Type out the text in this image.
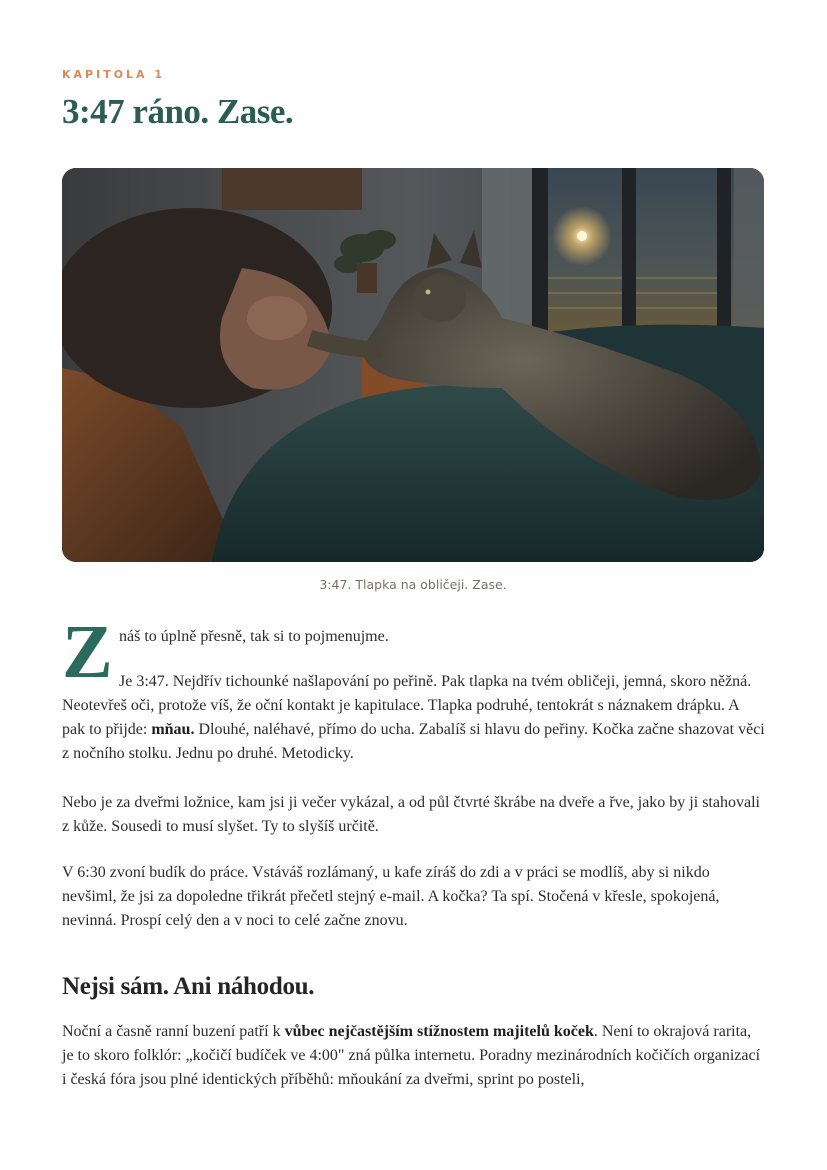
KAPITOLA 1
3:47 ráno. Zase.
3:47. Tlapka na obličeji. Zase.
Z náš to úplně přesně, tak si to pojmenujme.

Je 3:47. Nejdřív tichounké našlapování po peřině. Pak tlapka na tvém obličeji, jemná, skoro něžná. Neotevřeš oči, protože víš, že oční kontakt je kapitulace. Tlapka podruhé, tentokrát s náznakem drápku. A pak to přijde: mňau. Dlouhé, naléhavé, přímo do ucha. Zabalíš si hlavu do peřiny. Kočka začne shazovat věci z nočního stolku. Jednu po druhé. Metodicky.

Nebo je za dveřmi ložnice, kam jsi ji večer vykázal, a od půl čtvrté škrábe na dveře a řve, jako by ji stahovali z kůže. Sousedi to musí slyšet. Ty to slyšíš určitě.

V 6:30 zvoní budík do práce. Vstáváš rozlámaný, u kafe zíráš do zdi a v práci se modlíš, aby si nikdo nevšiml, že jsi za dopoledne třikrát přečetl stejný e-mail. A kočka? Ta spí. Stočená v křesle, spokojená, nevinná. Prospí celý den a v noci to celé začne znovu.

Nejsi sám. Ani náhodou.

Noční a časně ranní buzení patří k vůbec nejčastějším stížnostem majitelů koček. Není to okrajová rarita, je to skoro folklór: „kočičí budíček ve 4:00" zná půlka internetu. Poradny mezinárodních kočičích organizací i česká fóra jsou plné identických příběhů: mňoukání za dveřmi, sprint po posteli,
